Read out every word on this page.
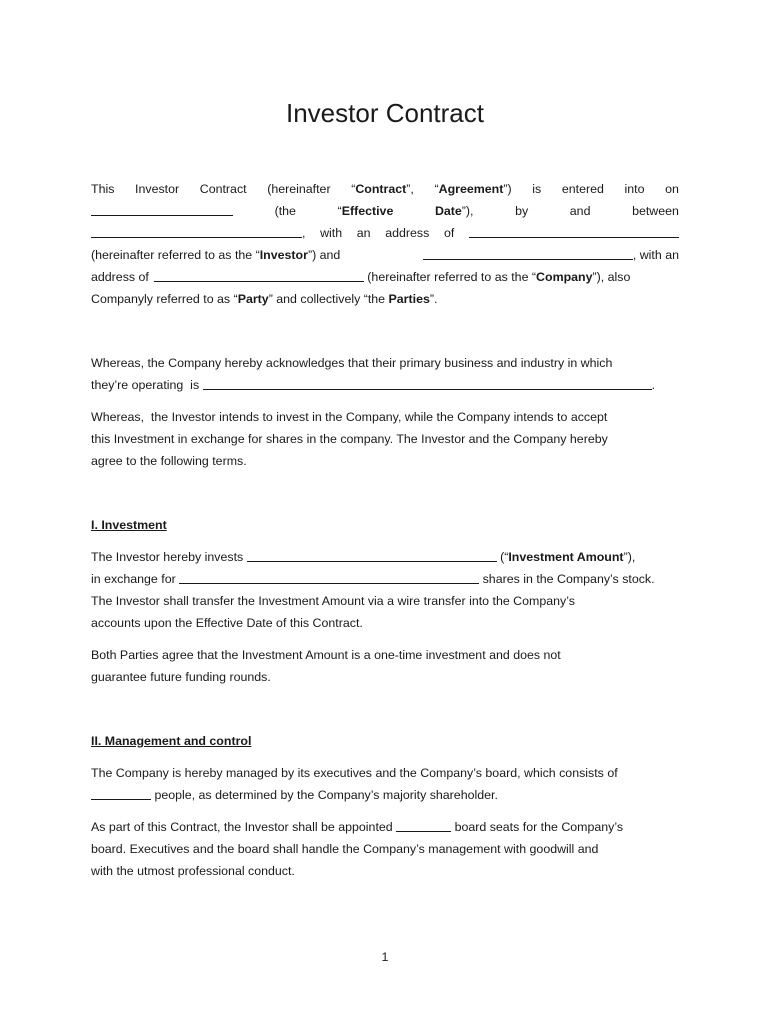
Investor Contract
This Investor Contract (hereinafter “Contract”, “Agreement”) is entered into on
(the	“Effective	Date”),	by	and	between
, with an address of
(hereinafter referred to as the “Investor”) and	, with an
address of	(hereinafter referred to as the “ Company ”), also
Companyly referred to as “ Party ” and collectively “the Parties ”.
Whereas, the Company hereby acknowledges that their primary business and industry in which
they’re operating  is	.
Whereas,  the Investor intends to invest in the Company, while the Company intends to accept
this Investment in exchange for shares in the company. The Investor and the Company hereby
agree to the following terms.
I. Investment
The Investor hereby invests	(“ Investment Amount ”),
in exchange for	shares in the Company’s stock.
The Investor shall transfer the Investment Amount via a wire transfer into the Company’s
accounts upon the Effective Date of this Contract.
Both Parties agree that the Investment Amount is a one-time investment and does not
guarantee future funding rounds.
II. Management and control
The Company is hereby managed by its executives and the Company’s board, which consists of
people, as determined by the Company’s majority shareholder.
As part of this Contract, the Investor shall be appointed	board seats for the Company’s
board. Executives and the board shall handle the Company’s management with goodwill and
with the utmost professional conduct.
1
